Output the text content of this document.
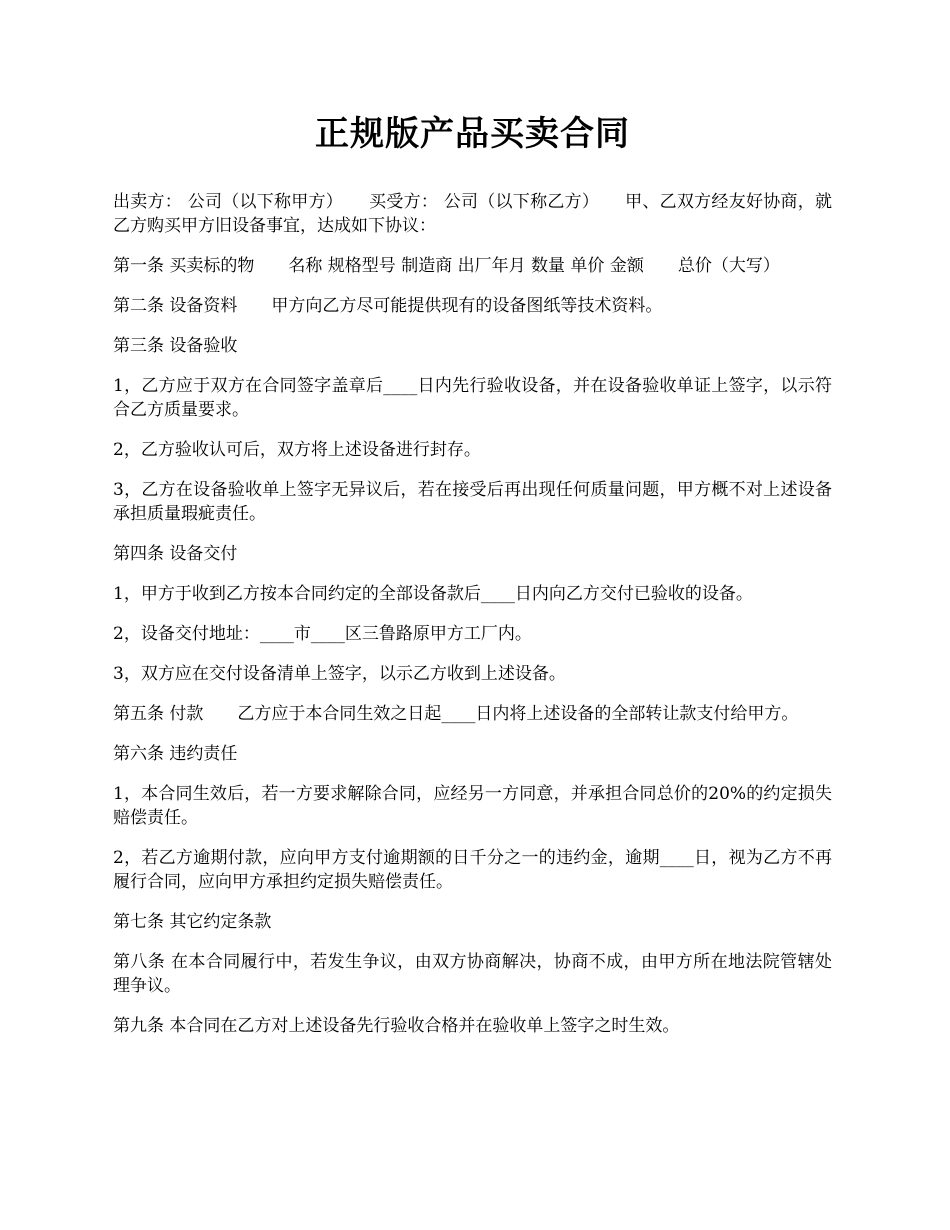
正规版产品买卖合同

出卖方： 公司（以下称甲方）　　买受方： 公司（以下称乙方）　　甲、乙双方经友好协商，就乙方购买甲方旧设备事宜，达成如下协议：

第一条 买卖标的物　　名称 规格型号 制造商 出厂年月 数量 单价 金额　　总价（大写）

第二条 设备资料　　甲方向乙方尽可能提供现有的设备图纸等技术资料。

第三条 设备验收

1，乙方应于双方在合同签字盖章后____日内先行验收设备，并在设备验收单证上签字，以示符合乙方质量要求。

2，乙方验收认可后，双方将上述设备进行封存。

3，乙方在设备验收单上签字无异议后，若在接受后再出现任何质量问题，甲方概不对上述设备承担质量瑕疵责任。

第四条 设备交付

1，甲方于收到乙方按本合同约定的全部设备款后____日内向乙方交付已验收的设备。

2，设备交付地址：____市____区三鲁路原甲方工厂内。

3，双方应在交付设备清单上签字，以示乙方收到上述设备。

第五条 付款　　乙方应于本合同生效之日起____日内将上述设备的全部转让款支付给甲方。

第六条 违约责任

1，本合同生效后，若一方要求解除合同，应经另一方同意，并承担合同总价的20%的约定损失赔偿责任。

2，若乙方逾期付款，应向甲方支付逾期额的日千分之一的违约金，逾期____日，视为乙方不再履行合同，应向甲方承担约定损失赔偿责任。

第七条 其它约定条款

第八条 在本合同履行中，若发生争议，由双方协商解决，协商不成，由甲方所在地法院管辖处理争议。

第九条 本合同在乙方对上述设备先行验收合格并在验收单上签字之时生效。
